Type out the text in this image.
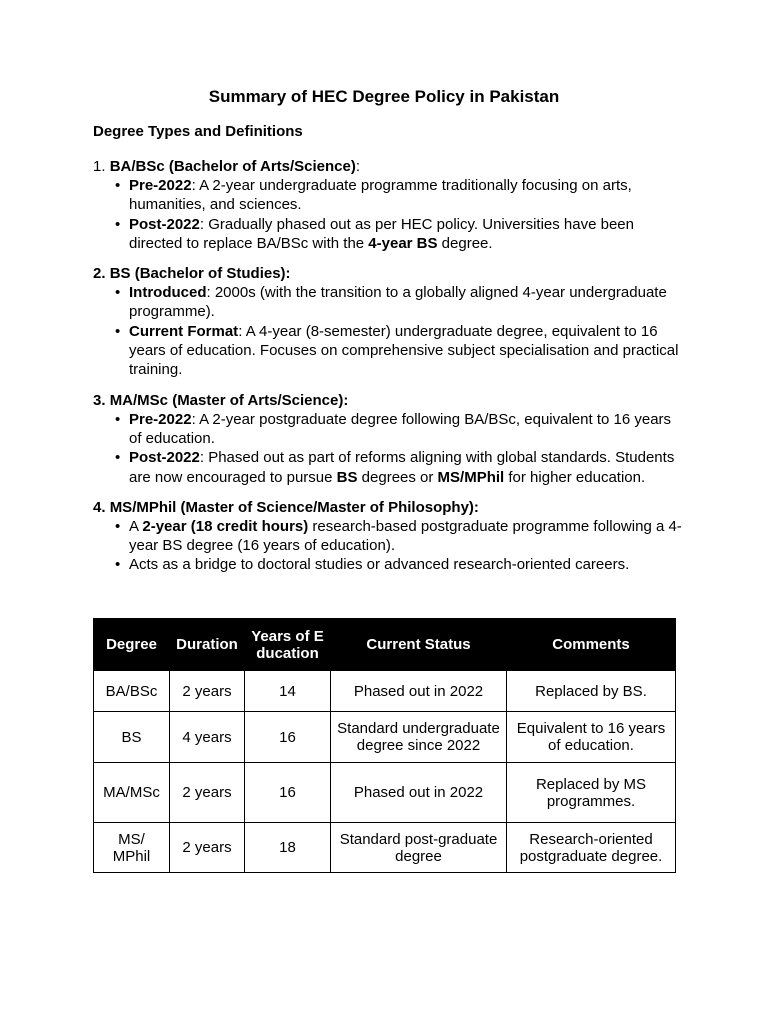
Summary of HEC Degree Policy in Pakistan
Degree Types and Definitions
1. BA/BSc (Bachelor of Arts/Science):
• Pre-2022: A 2-year undergraduate programme traditionally focusing on arts, humanities, and sciences.
• Post-2022: Gradually phased out as per HEC policy. Universities have been directed to replace BA/BSc with the 4-year BS degree.
2. BS (Bachelor of Studies):
• Introduced: 2000s (with the transition to a globally aligned 4-year undergraduate programme).
• Current Format: A 4-year (8-semester) undergraduate degree, equivalent to 16 years of education. Focuses on comprehensive subject specialisation and practical training.
3. MA/MSc (Master of Arts/Science):
• Pre-2022: A 2-year postgraduate degree following BA/BSc, equivalent to 16 years of education.
• Post-2022: Phased out as part of reforms aligning with global standards. Students are now encouraged to pursue BS degrees or MS/MPhil for higher education.
4. MS/MPhil (Master of Science/Master of Philosophy):
• A 2-year (18 credit hours) research-based postgraduate programme following a 4-year BS degree (16 years of education).
• Acts as a bridge to doctoral studies or advanced research-oriented careers.
Degree	Duration	Years of Education	Current Status	Comments
BA/BSc	2 years	14	Phased out in 2022	Replaced by BS.
BS	4 years	16	Standard undergraduate degree since 2022	Equivalent to 16 years of education.
MA/MSc	2 years	16	Phased out in 2022	Replaced by MS programmes.
MS/ MPhil	2 years	18	Standard post-graduate degree	Research-oriented postgraduate degree.
